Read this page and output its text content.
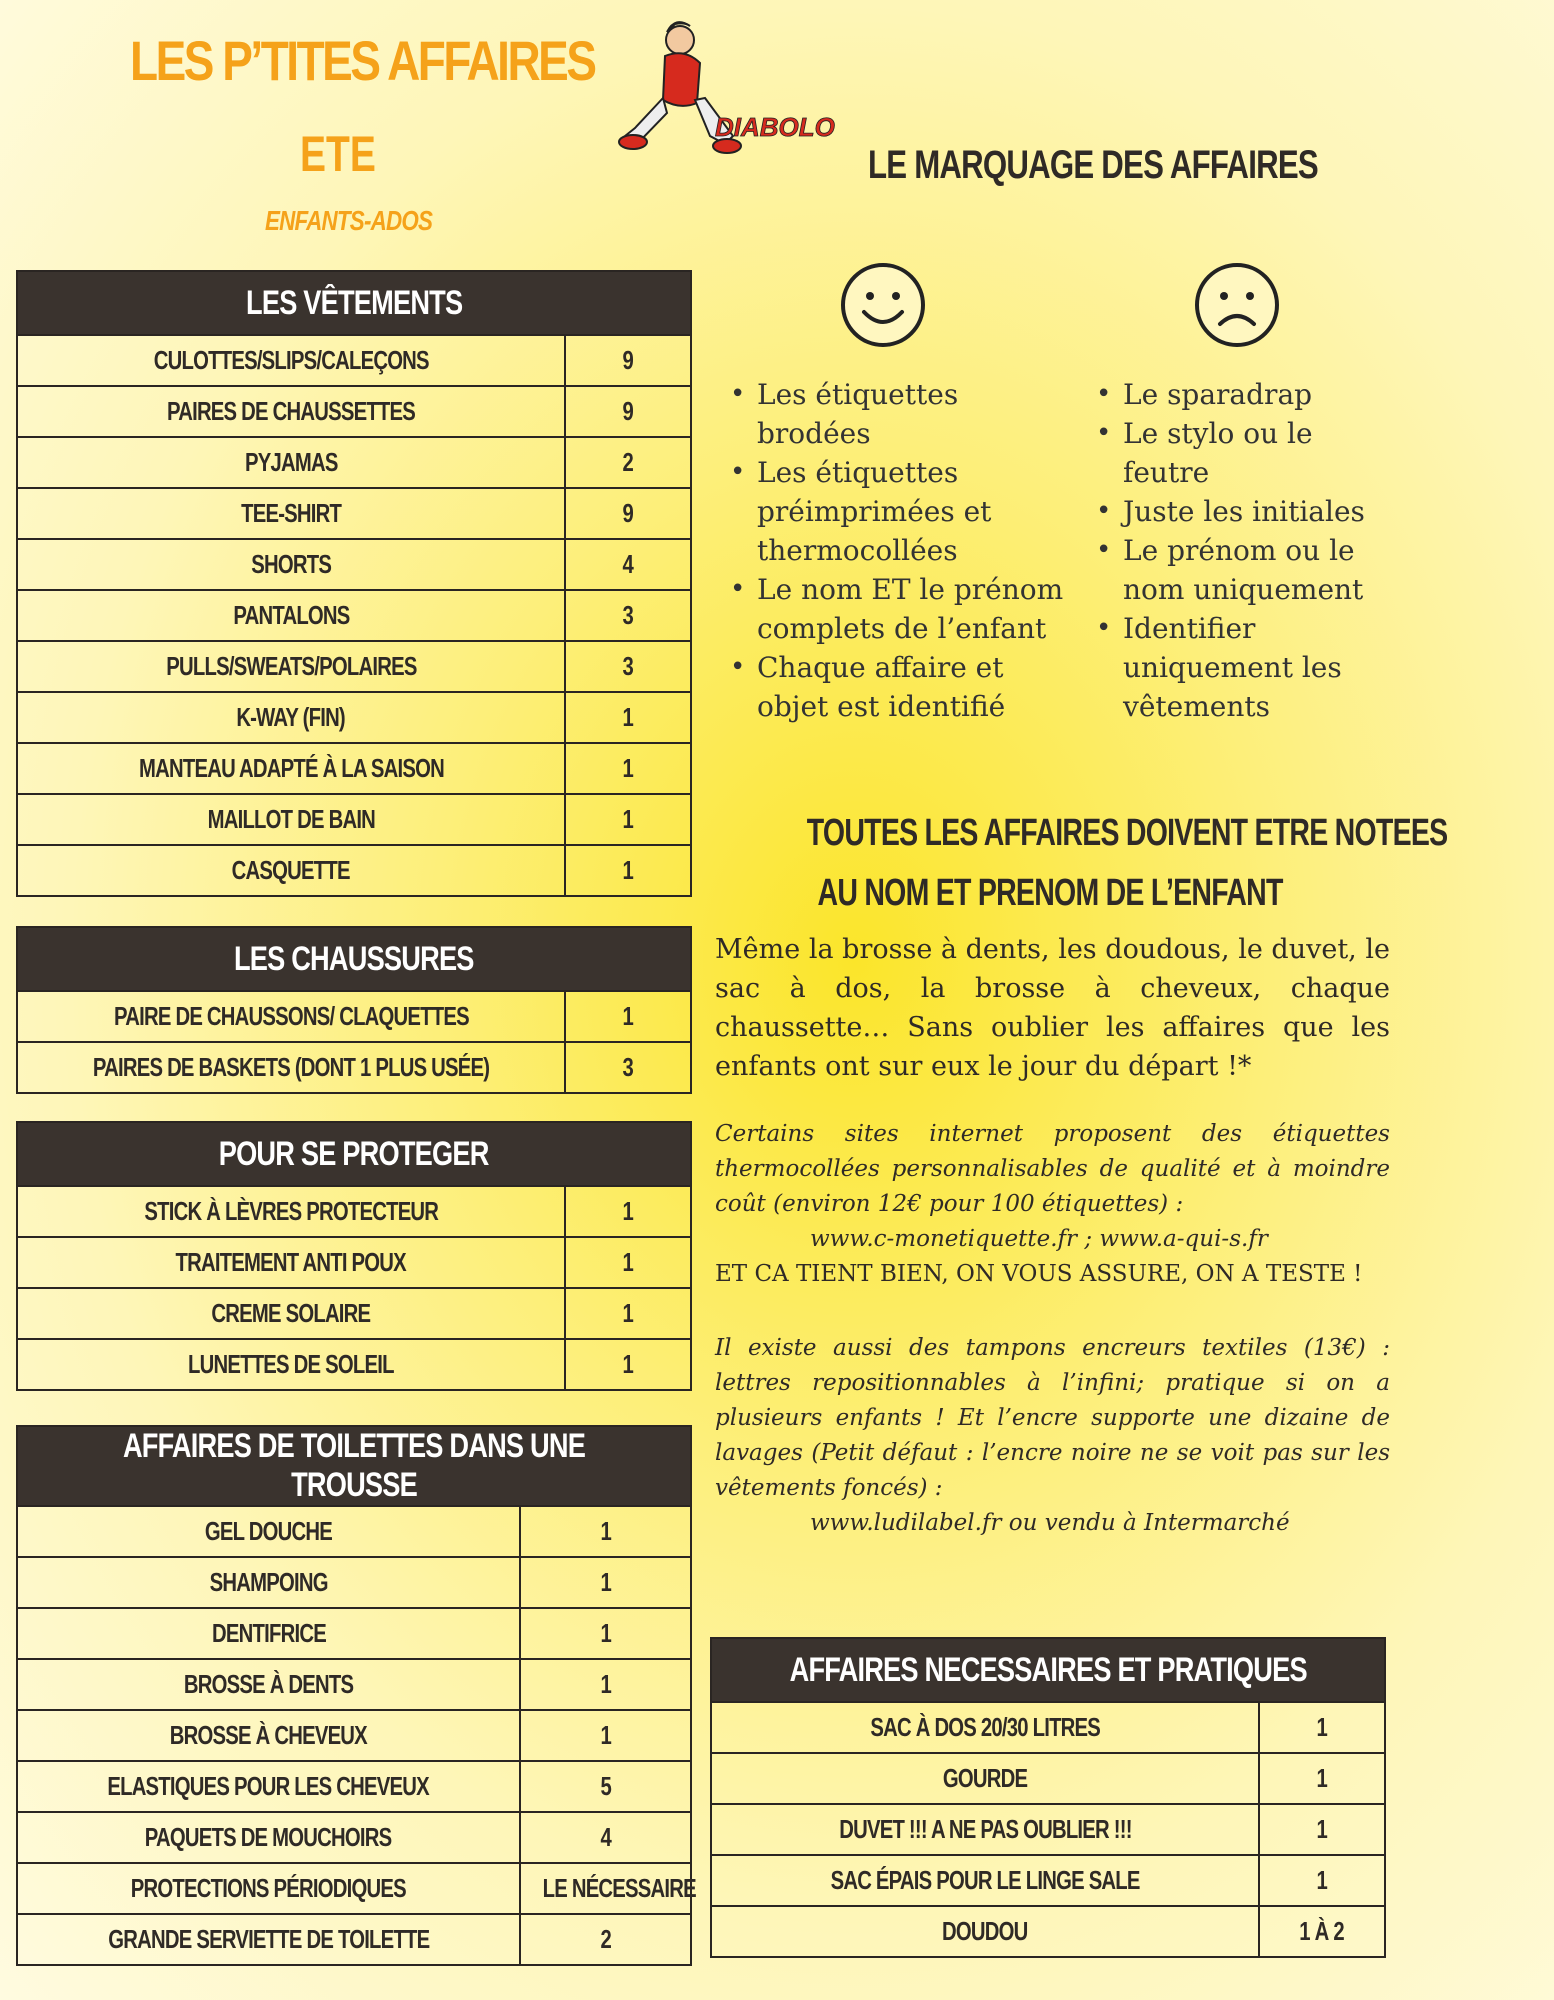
LES P’TITES AFFAIRES
ETE
ENFANTS-ADOS
DIABOLO
LE MARQUAGE DES AFFAIRES
• Les étiquettes brodées
• Les étiquettes préimprimées et thermocollées
• Le nom ET le prénom complets de l’enfant
• Chaque affaire et objet est identifié
• Le sparadrap
• Le stylo ou le feutre
• Juste les initiales
• Le prénom ou le nom uniquement
• Identifier uniquement les vêtements
TOUTES LES AFFAIRES DOIVENT ETRE NOTEES
AU NOM ET PRENOM DE L’ENFANT
Même la brosse à dents, les doudous, le duvet, le sac à dos, la brosse à cheveux, chaque chaussette… Sans oublier les affaires que les enfants ont sur eux le jour du départ !*
Certains sites internet proposent des étiquettes thermocollées personnalisables de qualité et à moindre coût (environ 12€ pour 100 étiquettes) :
www.c-monetiquette.fr ; www.a-qui-s.fr
ET CA TIENT BIEN, ON VOUS ASSURE, ON A TESTE !
Il existe aussi des tampons encreurs textiles (13€) : lettres repositionnables à l’infini; pratique si on a plusieurs enfants ! Et l’encre supporte une dizaine de lavages (Petit défaut : l’encre noire ne se voit pas sur les vêtements foncés) :
www.ludilabel.fr ou vendu à Intermarché
LES VÊTEMENTS	
CULOTTES/SLIPS/CALEÇONS	9
PAIRES DE CHAUSSETTES	9
PYJAMAS	2
TEE-SHIRT	9
SHORTS	4
PANTALONS	3
PULLS/SWEATS/POLAIRES	3
K-WAY (FIN)	1
MANTEAU ADAPTÉ À LA SAISON	1
MAILLOT DE BAIN	1
CASQUETTE	1
LES CHAUSSURES	
PAIRE DE CHAUSSONS/ CLAQUETTES	1
PAIRES DE BASKETS (DONT 1 PLUS USÉE)	3
POUR SE PROTEGER	
STICK À LÈVRES PROTECTEUR	1
TRAITEMENT ANTI POUX	1
CREME SOLAIRE	1
LUNETTES DE SOLEIL	1
AFFAIRES DE TOILETTES DANS UNE TROUSSE	
GEL DOUCHE	1
SHAMPOING	1
DENTIFRICE	1
BROSSE À DENTS	1
BROSSE À CHEVEUX	1
ELASTIQUES POUR LES CHEVEUX	5
PAQUETS DE MOUCHOIRS	4
PROTECTIONS PÉRIODIQUES	LE NÉCESSAIRE
GRANDE SERVIETTE DE TOILETTE	2
AFFAIRES NECESSAIRES ET PRATIQUES	
SAC À DOS 20/30 LITRES	1
GOURDE	1
DUVET !!! A NE PAS OUBLIER !!!	1
SAC ÉPAIS POUR LE LINGE SALE	1
DOUDOU	1 À 2
